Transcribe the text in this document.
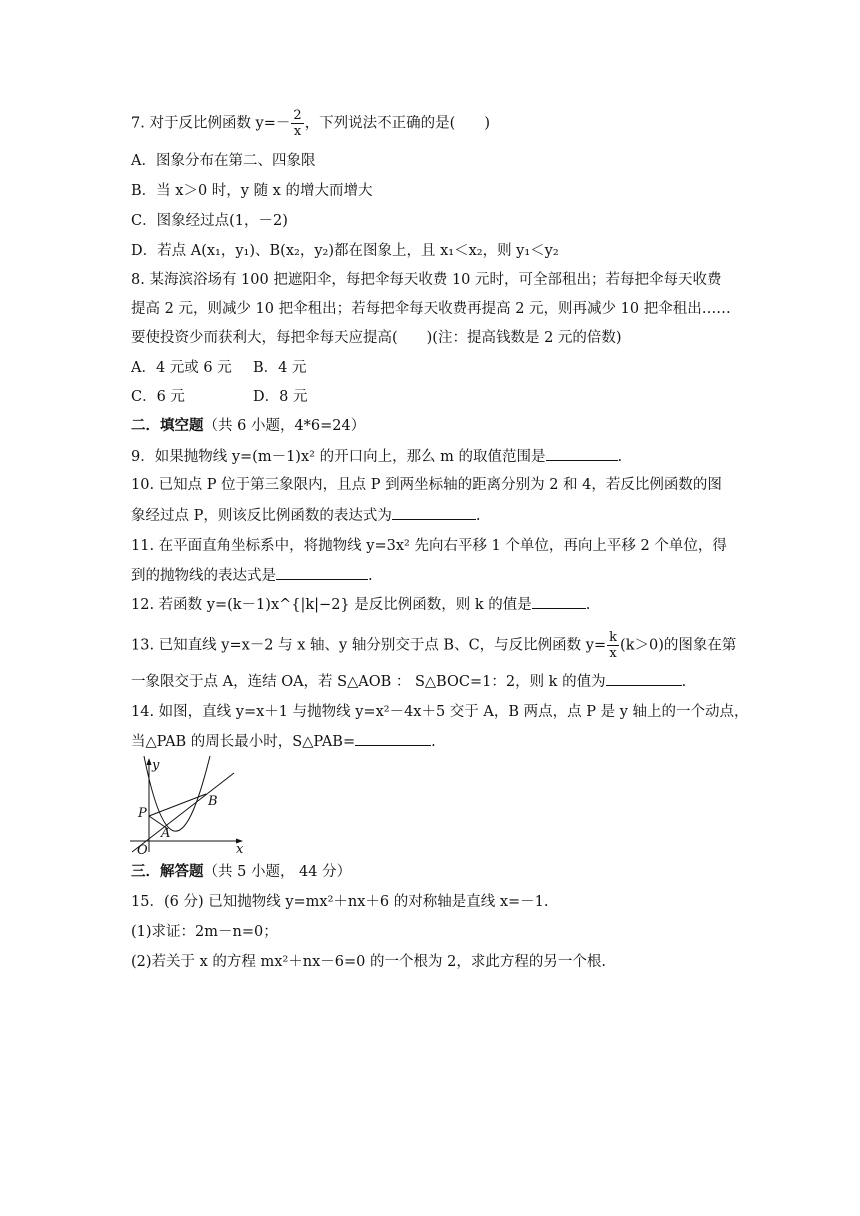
7. 对于反比例函数 $y=- \frac{2}{x}$ ，下列说法不正确的是(　　)
A．图象分布在第二、四象限
B．当 x＞0 时，y 随 x 的增大而增大
C．图象经过点(1，－2)
D．若点 A(x₁，y₁)、B(x₂，y₂)都在图象上，且 x₁＜x₂，则 y₁＜y₂
8. 某海滨浴场有 100 把遮阳伞，每把伞每天收费 10 元时，可全部租出；若每把伞每天收费
提高 2 元，则减少 10 把伞租出；若每把伞每天收费再提高 2 元，则再减少 10 把伞租出……
要使投资少而获利大，每把伞每天应提高(　　)(注：提高钱数是 2 元的倍数)
A．4 元或 6 元 B．4 元
C．6 元	D．8 元
二．填空题（共 6 小题，4*6=24）
9．如果抛物线 y=(m－1)x² 的开口向上，那么 m 的取值范围是	.
10. 已知点 P 位于第三象限内，且点 P 到两坐标轴的距离分别为 2 和 4，若反比例函数的图
象经过点 P，则该反比例函数的表达式为	.
11. 在平面直角坐标系中，将抛物线 y=3x² 先向右平移 1 个单位，再向上平移 2 个单位，得
到的抛物线的表达式是	.
12. 若函数 y=(k－1)x^{|k|−2} 是反比例函数，则 k 的值是	.
13. 已知直线 y=x－2 与 x 轴、y 轴分别交于点 B、C，与反比例函数 $y= \frac{k}{x} (k>0)$的图象在第
一象限交于点 A，连结 OA，若 S△AOB ： S△BOC=1：2，则 k 的值为	.
14. 如图，直线 y=x＋1 与抛物线 y=x²－4x＋5 交于 A，B 两点，点 P 是 y 轴上的一个动点，
当△PAB 的周长最小时，S△PAB=	.
y
x
O
P
A
B
三．解答题（共 5 小题， 44 分）
15．(6 分) 已知抛物线 y=mx²＋nx＋6 的对称轴是直线 x=－1.
(1)求证：2m－n=0；
(2)若关于 x 的方程 mx²＋nx－6=0 的一个根为 2，求此方程的另一个根.
